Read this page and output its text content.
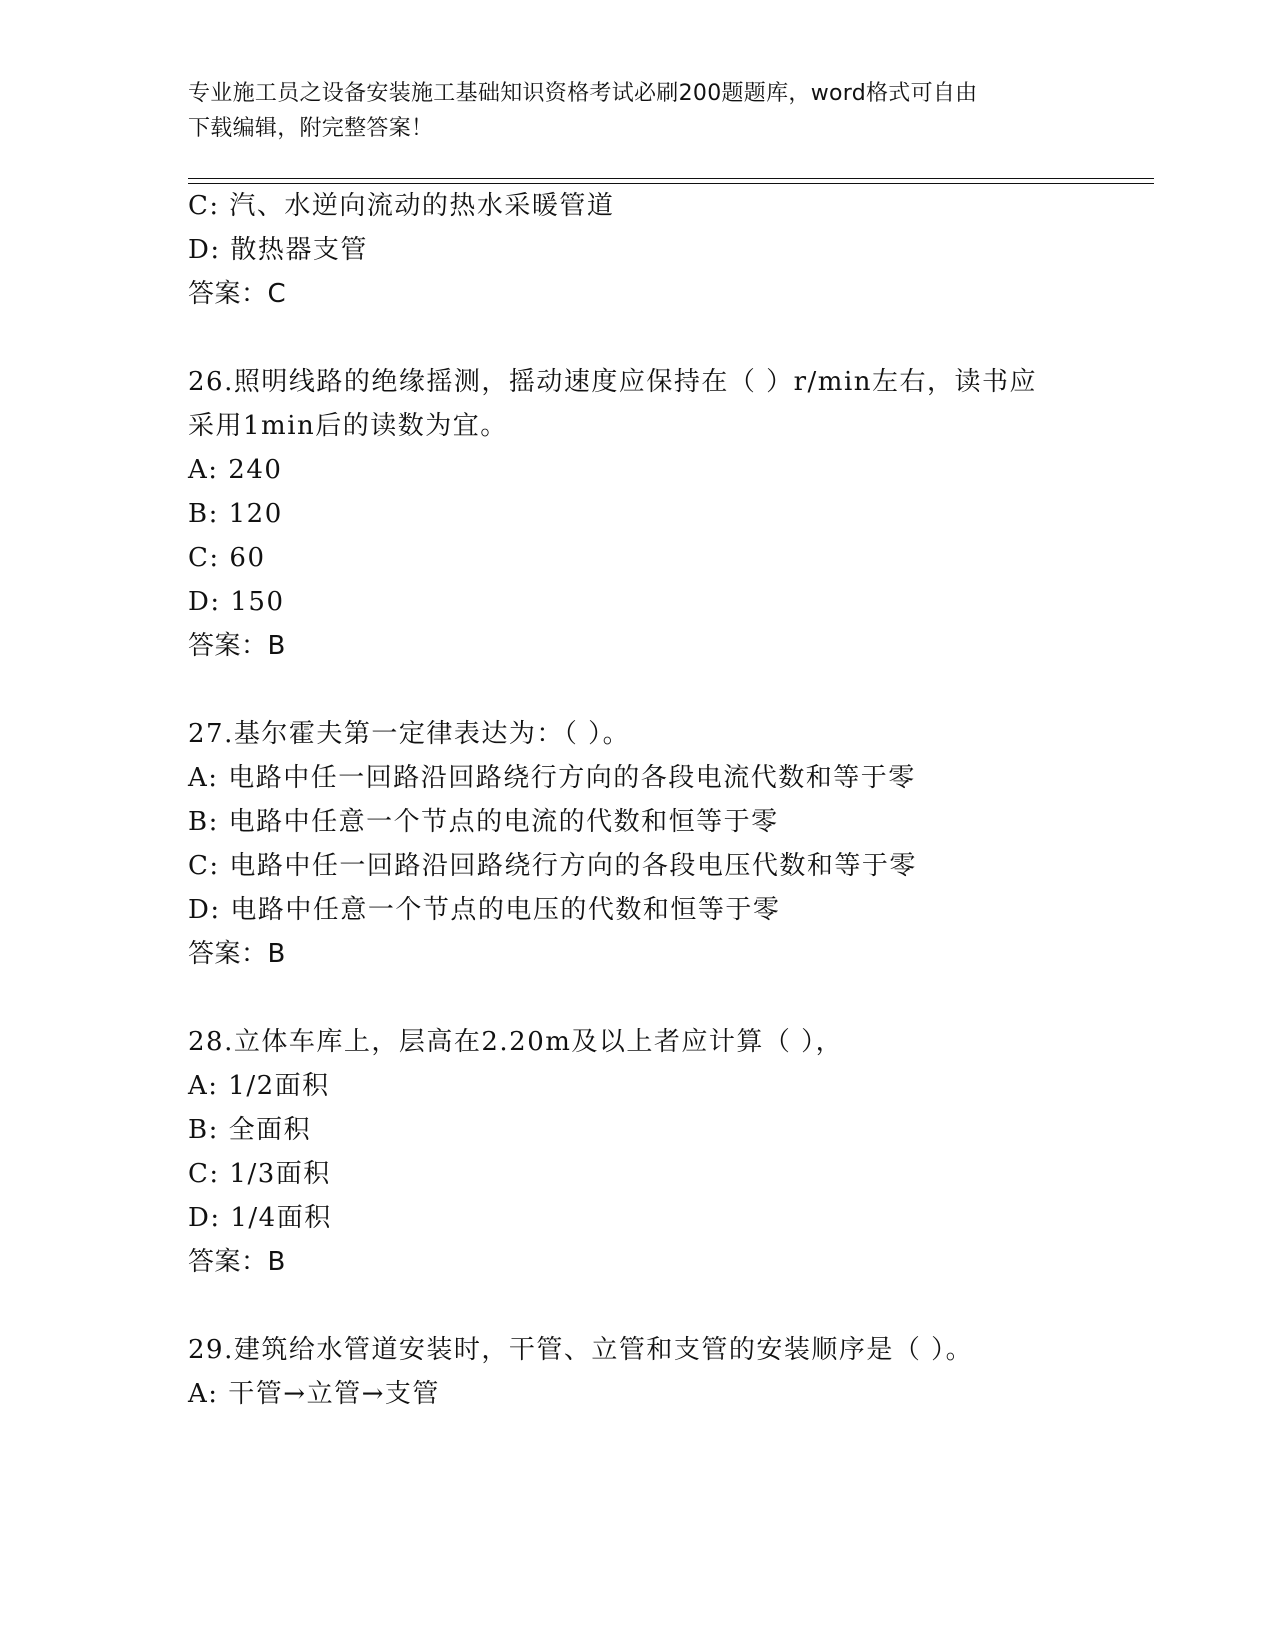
专业施工员之设备安装施工基础知识资格考试必刷200题题库，word格式可自由
下载编辑，附完整答案！
C: 汽、水逆向流动的热水采暖管道
D: 散热器支管
答案：C
26.照明线路的绝缘摇测，摇动速度应保持在（ ）r/min左右，读书应
采用1min后的读数为宜。
A: 240
B: 120
C: 60
D: 150
答案：B
27.基尔霍夫第一定律表达为：（ ）。
A: 电路中任一回路沿回路绕行方向的各段电流代数和等于零
B: 电路中任意一个节点的电流的代数和恒等于零
C: 电路中任一回路沿回路绕行方向的各段电压代数和等于零
D: 电路中任意一个节点的电压的代数和恒等于零
答案：B
28.立体车库上，层高在2.20m及以上者应计算（ ），
A: 1/2面积
B: 全面积
C: 1/3面积
D: 1/4面积
答案：B
29.建筑给水管道安装时，干管、立管和支管的安装顺序是（ ）。
A: 干管→立管→支管
